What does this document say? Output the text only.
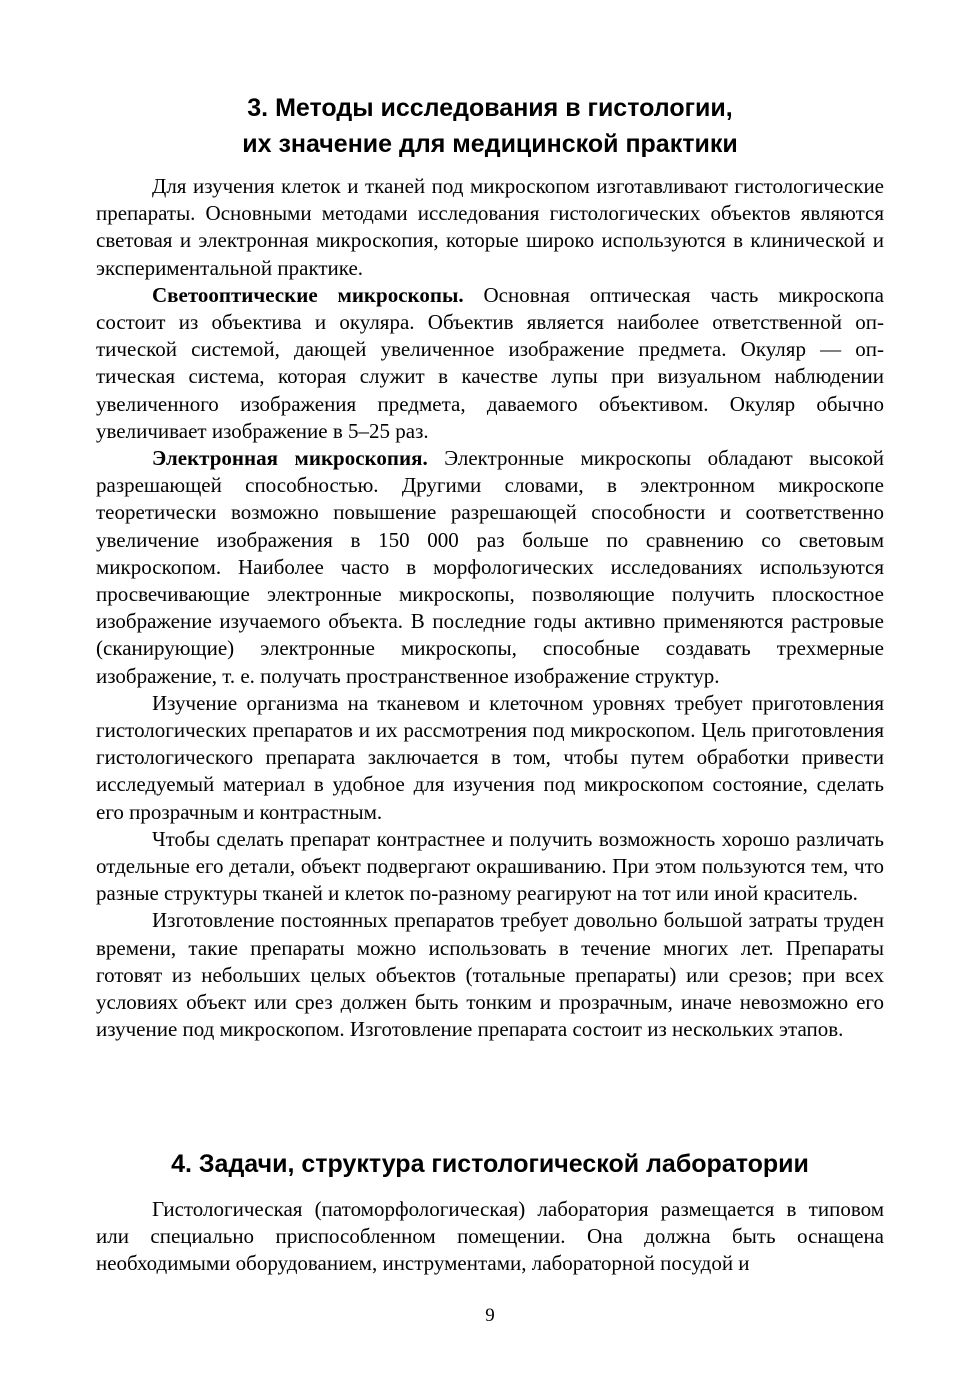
3. Методы исследования в гистологии,
их значение для медицинской практики

Для изучения клеток и тканей под микроскопом изготавливают гистологические препараты. Основными методами исследования гистологических объектов являются световая и электронная микроскопия, которые широко используются в клинической и экспериментальной практике.

Светооптические микроскопы. Основная оптическая часть микроскопа состоит из объектива и окуляра. Объектив является наиболее ответственной оптической системой, дающей увеличенное изображение предмета. Окуляр — оптическая система, которая служит в качестве лупы при визуальном наблюдении увеличенного изображения предмета, даваемого объективом. Окуляр обычно увеличивает изображение в 5–25 раз.

Электронная микроскопия. Электронные микроскопы обладают высокой разрешающей способностью. Другими словами, в электронном микроскопе теоретически возможно повышение разрешающей способности и соответственно увеличение изображения в 150 000 раз больше по сравнению со световым микроскопом. Наиболее часто в морфологических исследованиях используются просвечивающие электронные микроскопы, позволяющие получить плоскостное изображение изучаемого объекта. В последние годы активно применяются растровые (сканирующие) электронные микроскопы, способные создавать трехмерные изображение, т. е. получать пространственное изображение структур.

Изучение организма на тканевом и клеточном уровнях требует приготовления гистологических препаратов и их рассмотрения под микроскопом. Цель приготовления гистологического препарата заключается в том, чтобы путем обработки привести исследуемый материал в удобное для изучения под микроскопом состояние, сделать его прозрачным и контрастным.

Чтобы сделать препарат контрастнее и получить возможность хорошо различать отдельные его детали, объект подвергают окрашиванию. При этом пользуются тем, что разные структуры тканей и клеток по-разному реагируют на тот или иной краситель.

Изготовление постоянных препаратов требует довольно большой затраты труден времени, такие препараты можно использовать в течение многих лет. Препараты готовят из небольших целых объектов (тотальные препараты) или срезов; при всех условиях объект или срез должен быть тонким и прозрачным, иначе невозможно его изучение под микроскопом. Изготовление препарата состоит из нескольких этапов.

4. Задачи, структура гистологической лаборатории

Гистологическая (патоморфологическая) лаборатория размещается в типовом или специально приспособленном помещении. Она должна быть оснащена необходимыми оборудованием, инструментами, лабораторной посудой и

9
